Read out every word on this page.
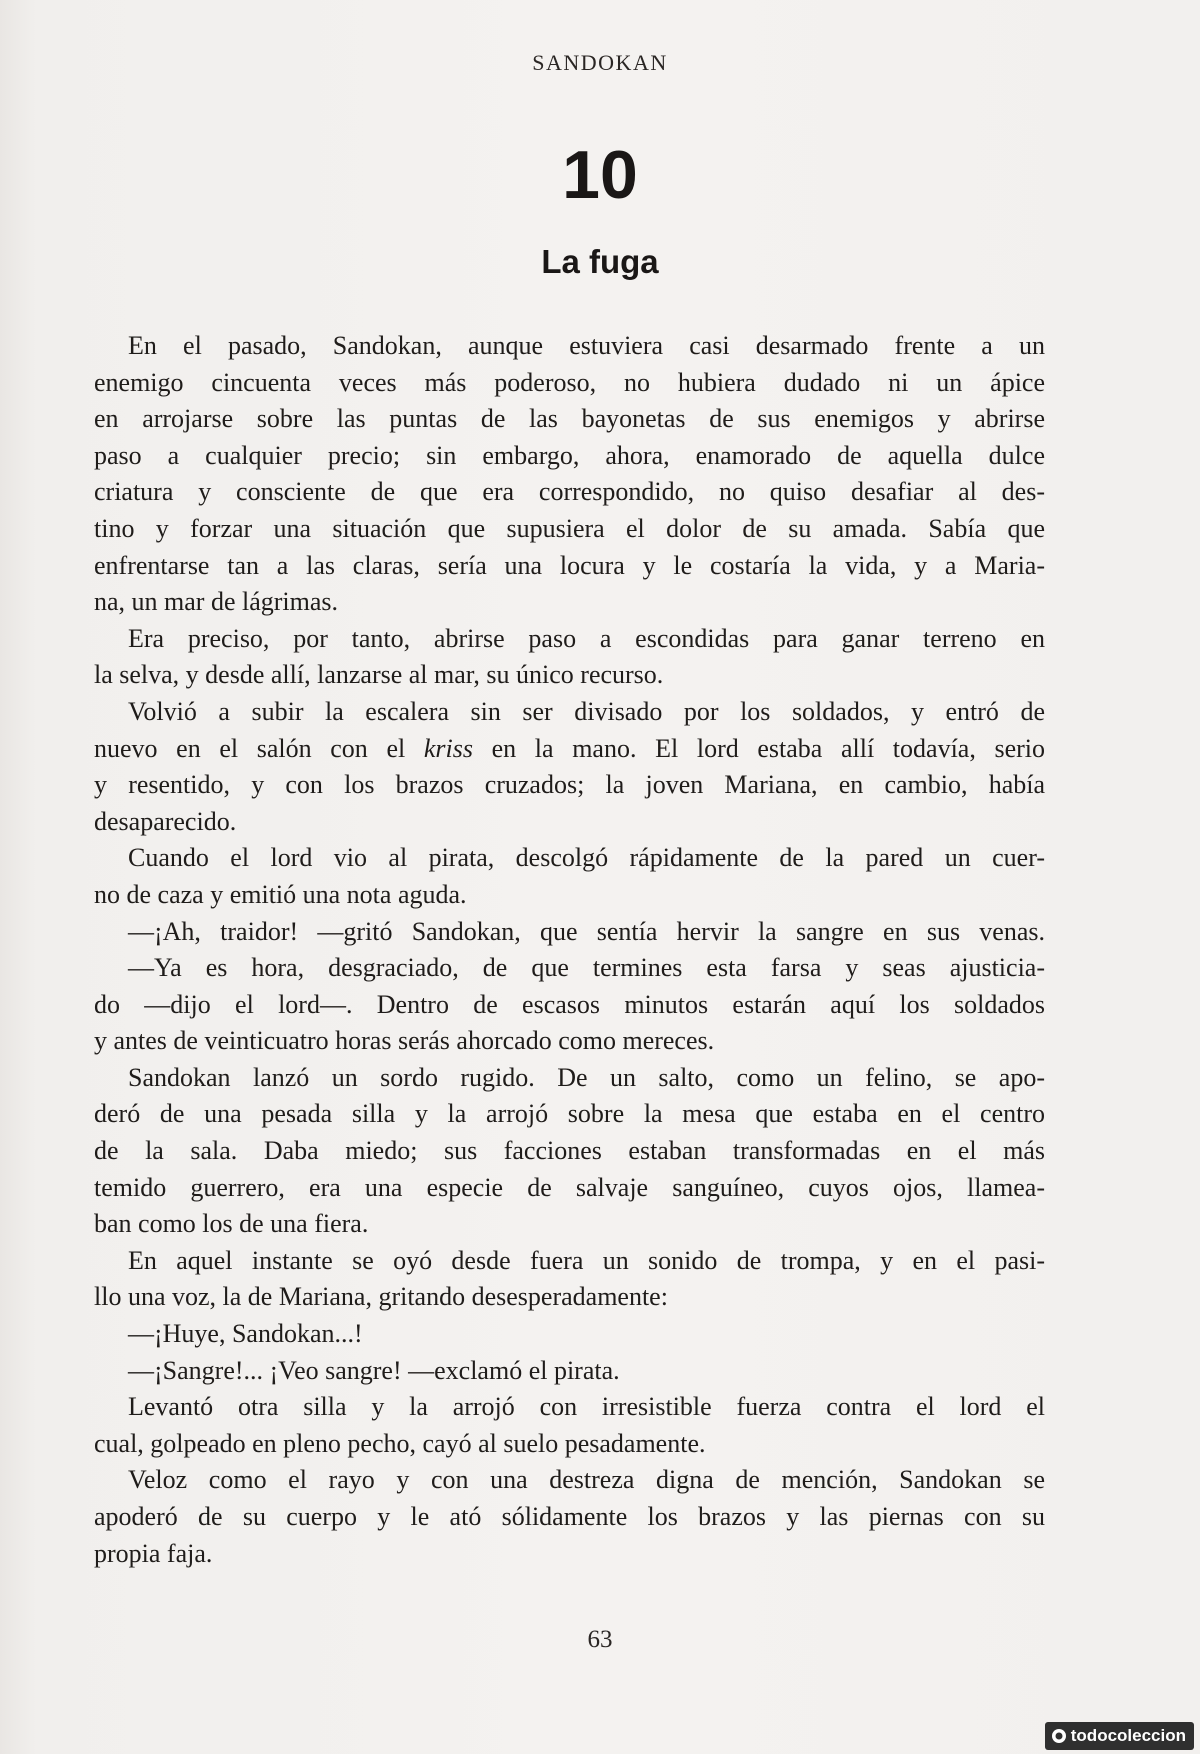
SANDOKAN
10
La fuga
En el pasado, Sandokan, aunque estuviera casi desarmado frente a un
enemigo cincuenta veces más poderoso, no hubiera dudado ni un ápice
en arrojarse sobre las puntas de las bayonetas de sus enemigos y abrirse
paso a cualquier precio; sin embargo, ahora, enamorado de aquella dulce
criatura y consciente de que era correspondido, no quiso desafiar al des-
tino y forzar una situación que supusiera el dolor de su amada. Sabía que
enfrentarse tan a las claras, sería una locura y le costaría la vida, y a Maria-
na, un mar de lágrimas.
Era preciso, por tanto, abrirse paso a escondidas para ganar terreno en
la selva, y desde allí, lanzarse al mar, su único recurso.
Volvió a subir la escalera sin ser divisado por los soldados, y entró de
nuevo en el salón con el kriss en la mano. El lord estaba allí todavía, serio
y resentido, y con los brazos cruzados; la joven Mariana, en cambio, había
desaparecido.
Cuando el lord vio al pirata, descolgó rápidamente de la pared un cuer-
no de caza y emitió una nota aguda.
—¡Ah, traidor! —gritó Sandokan, que sentía hervir la sangre en sus venas.
—Ya es hora, desgraciado, de que termines esta farsa y seas ajusticia-
do —dijo el lord—. Dentro de escasos minutos estarán aquí los soldados
y antes de veinticuatro horas serás ahorcado como mereces.
Sandokan lanzó un sordo rugido. De un salto, como un felino, se apo-
deró de una pesada silla y la arrojó sobre la mesa que estaba en el centro
de la sala. Daba miedo; sus facciones estaban transformadas en el más
temido guerrero, era una especie de salvaje sanguíneo, cuyos ojos, llamea-
ban como los de una fiera.
En aquel instante se oyó desde fuera un sonido de trompa, y en el pasi-
llo una voz, la de Mariana, gritando desesperadamente:
—¡Huye, Sandokan...!
—¡Sangre!... ¡Veo sangre! —exclamó el pirata.
Levantó otra silla y la arrojó con irresistible fuerza contra el lord el
cual, golpeado en pleno pecho, cayó al suelo pesadamente.
Veloz como el rayo y con una destreza digna de mención, Sandokan se
apoderó de su cuerpo y le ató sólidamente los brazos y las piernas con su
propia faja.
63
todocoleccion
